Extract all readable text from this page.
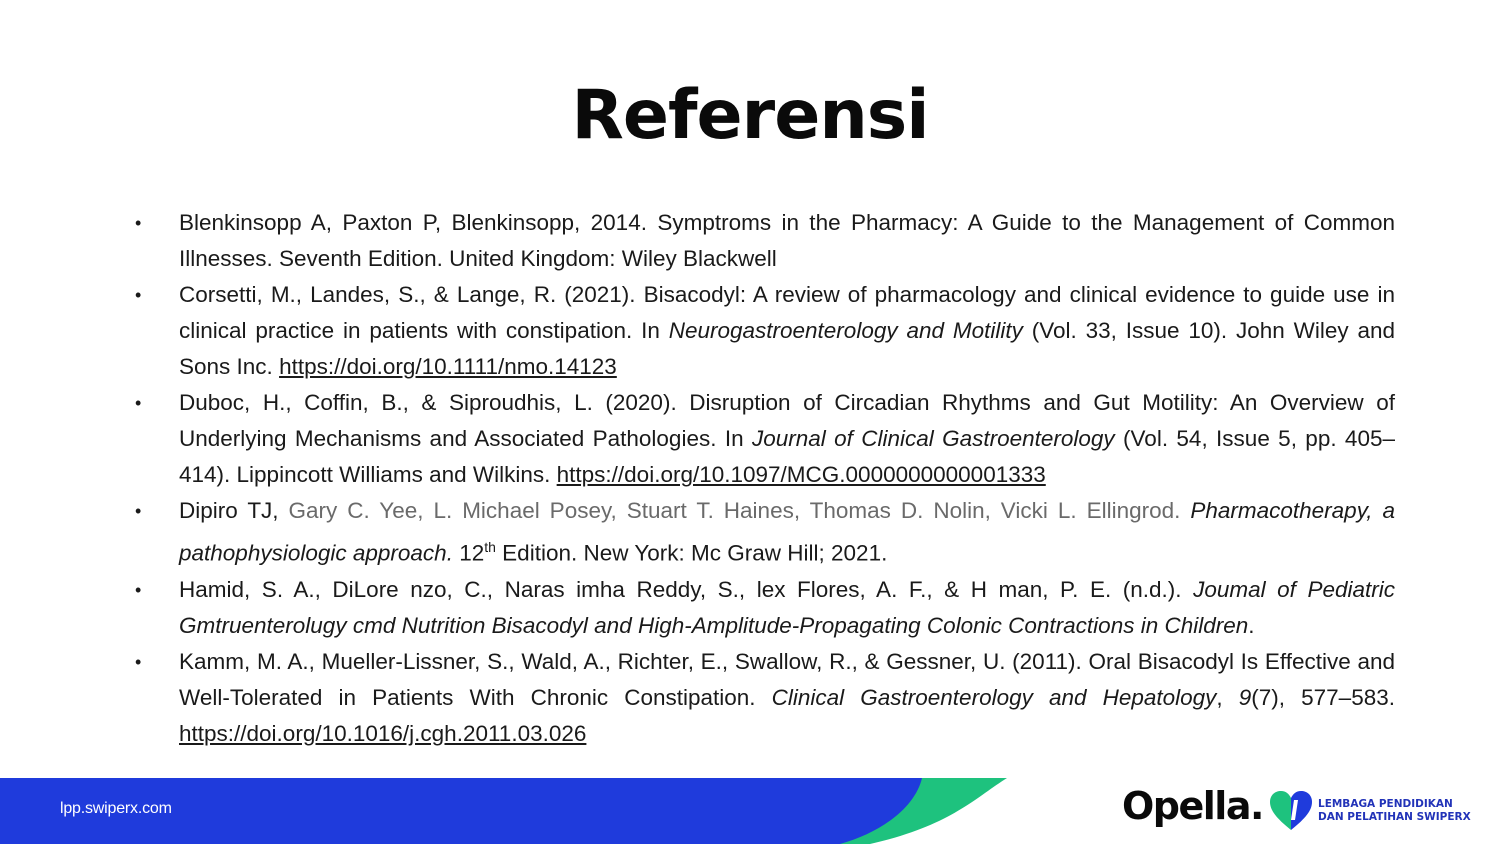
Referensi
• Blenkinsopp A, Paxton P, Blenkinsopp, 2014. Symptroms in the Pharmacy: A Guide to the Management of Common Illnesses. Seventh Edition. United Kingdom: Wiley Blackwell
• Corsetti, M., Landes, S., & Lange, R. (2021). Bisacodyl: A review of pharmacology and clinical evidence to guide use in clinical practice in patients with constipation. In Neurogastroenterology and Motility (Vol. 33, Issue 10). John Wiley and Sons Inc. https://doi.org/10.1111/nmo.14123
• Duboc, H., Coffin, B., & Siproudhis, L. (2020). Disruption of Circadian Rhythms and Gut Motility: An Overview of Underlying Mechanisms and Associated Pathologies. In Journal of Clinical Gastroenterology (Vol. 54, Issue 5, pp. 405–414). Lippincott Williams and Wilkins. https://doi.org/10.1097/MCG.0000000000001333
• Dipiro TJ, Gary C. Yee, L. Michael Posey, Stuart T. Haines, Thomas D. Nolin, Vicki L. Ellingrod. Pharmacotherapy, a pathophysiologic approach. 12th Edition. New York: Mc Graw Hill; 2021.
• Hamid, S. A., DiLore nzo, C., Naras imha Reddy, S., lex Flores, A. F., & H man, P. E. (n.d.). Joumal of Pediatric Gmtruenterolugy cmd Nutrition Bisacodyl and High-Amplitude-Propagating Colonic Contractions in Children.
• Kamm, M. A., Mueller-Lissner, S., Wald, A., Richter, E., Swallow, R., & Gessner, U. (2011). Oral Bisacodyl Is Effective and Well-Tolerated in Patients With Chronic Constipation. Clinical Gastroenterology and Hepatology, 9(7), 577–583. https://doi.org/10.1016/j.cgh.2011.03.026
lpp.swiperx.com	Opella.	LEMBAGA PENDIDIKAN
DAN PELATIHAN SWIPERX
